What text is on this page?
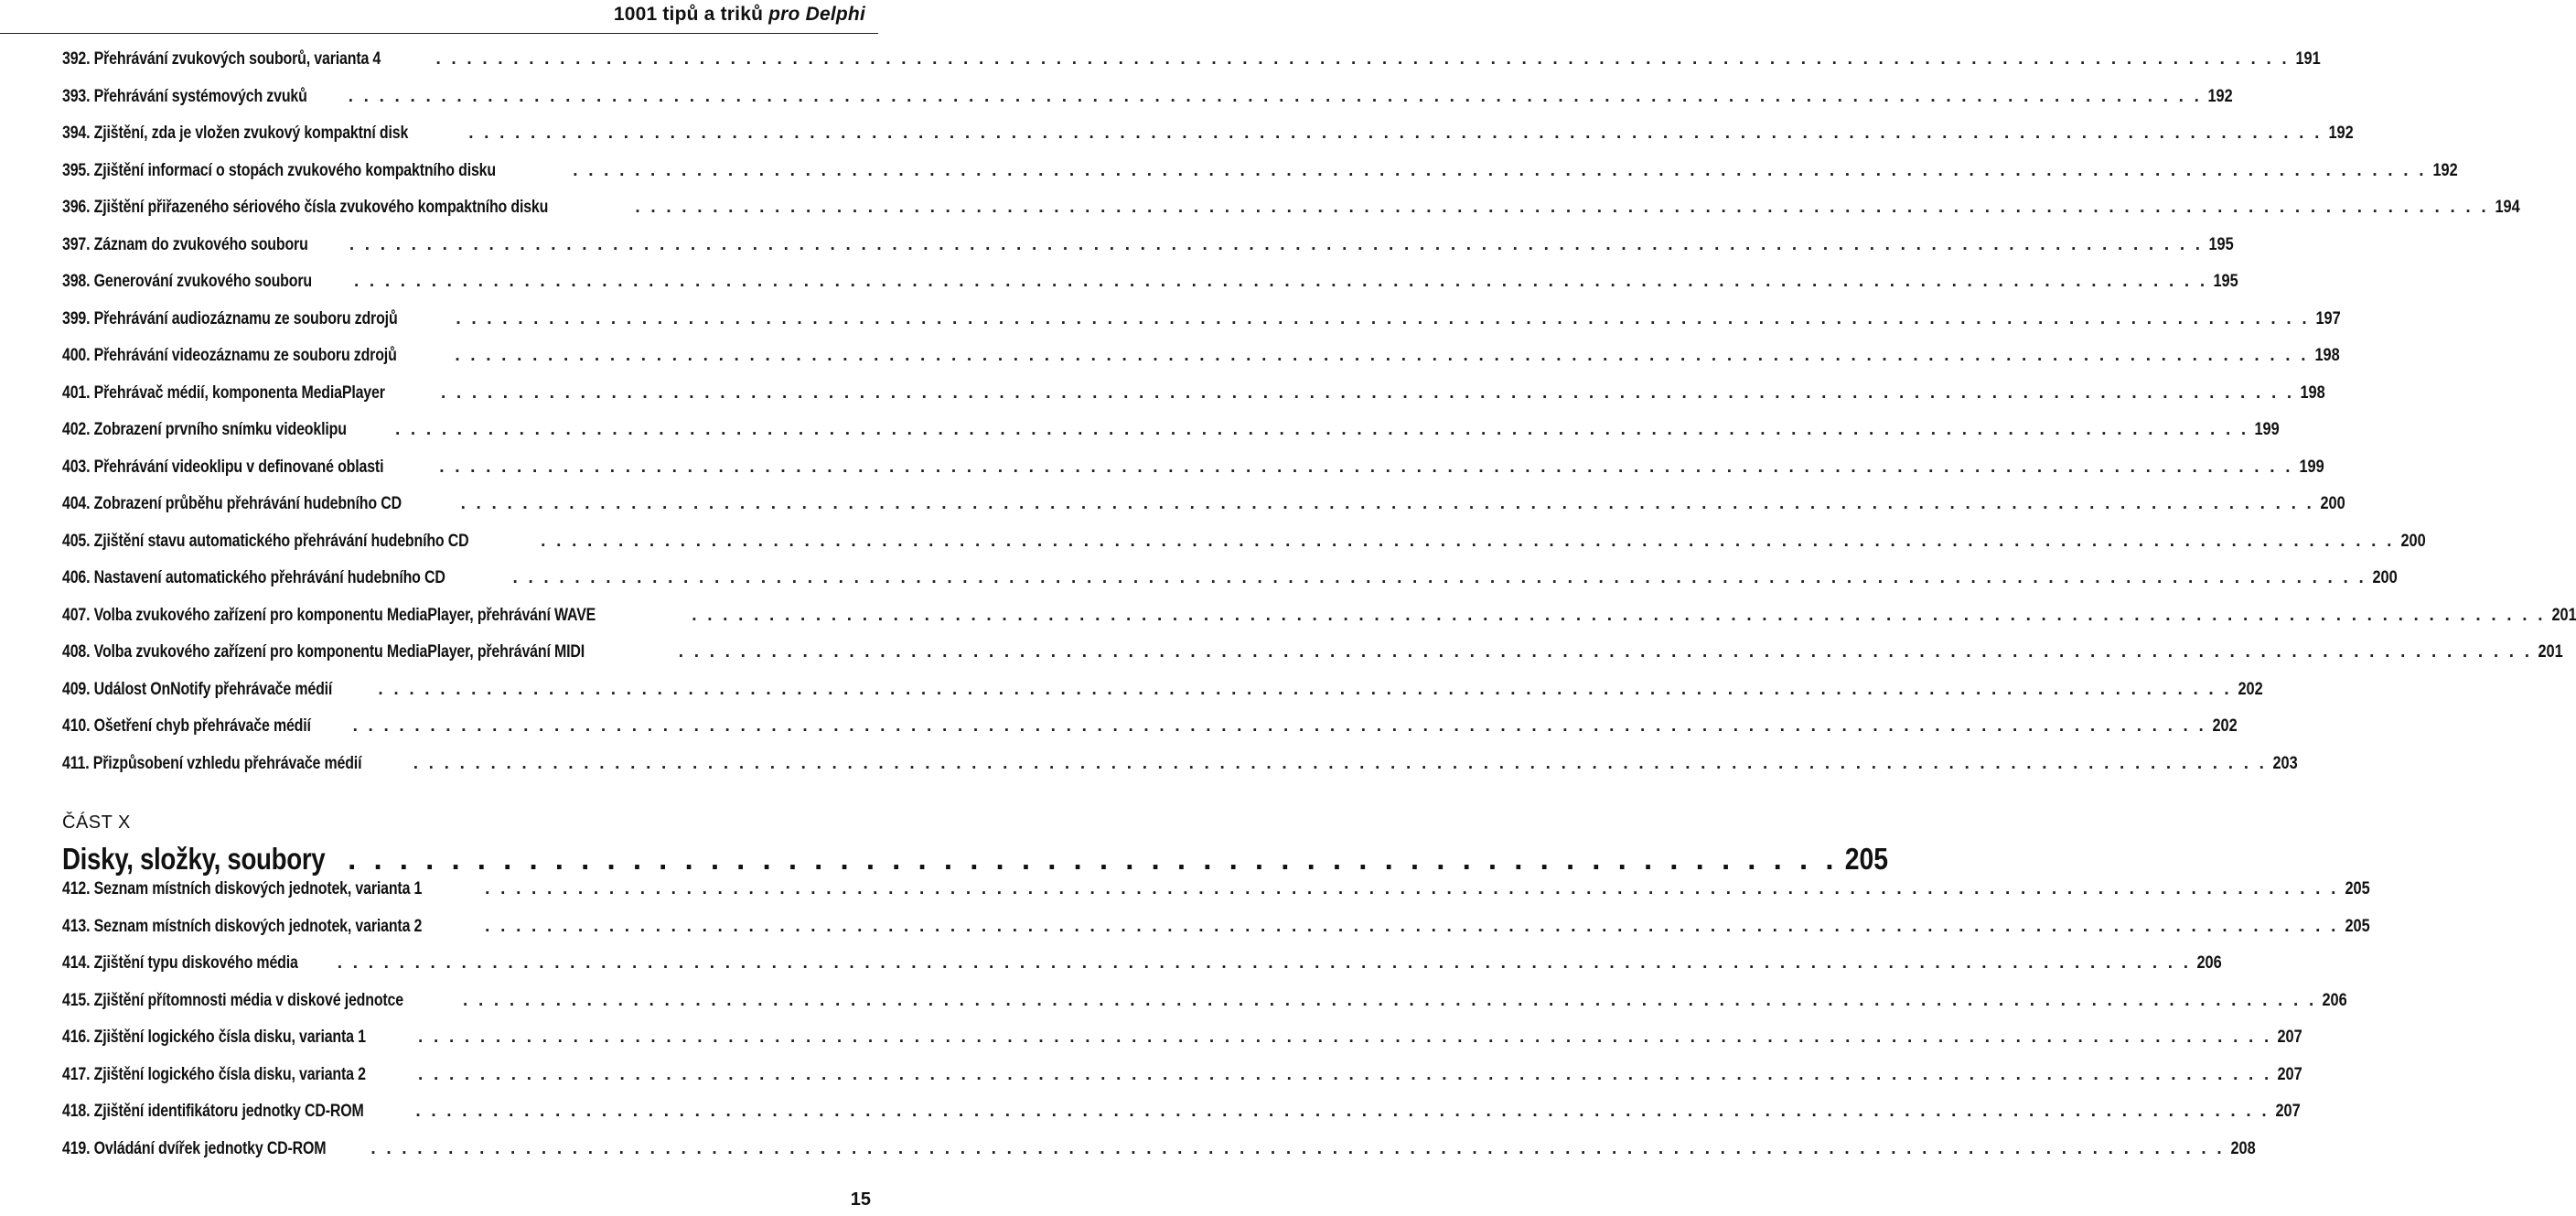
1001 tipů a triků pro Delphi
392. Přehrávání zvukových souborů, varianta 4	. . . . . . . . . . . . . . . . . . . . . . . . . . . . . . . . . . . . . . . . . . . . . . . . . . . . . . . . . . . . . . . . . . . . . . . . . . . . . . . . . . . . . . . . . . . . . . . . . . . . . . . . . . . . . . . . . . . . . . . . 191
393. Přehrávání systémových zvuků . . . . . . . . . . . . . . . . . . . . . . . . . . . . . . . . . . . . . . . . . . . . . . . . . . . . . . . . . . . . . . . . . . . . . . . . . . . . . . . . . . . . . . . . . . . . . . . . . . . . . . . . . . . . . . . . . . . . . . . . 192
394. Zjištění, zda je vložen zvukový kompaktní disk	. . . . . . . . . . . . . . . . . . . . . . . . . . . . . . . . . . . . . . . . . . . . . . . . . . . . . . . . . . . . . . . . . . . . . . . . . . . . . . . . . . . . . . . . . . . . . . . . . . . . . . . . . . . . . . . . . . . . . . . . 192
395. Zjištění informací o stopách zvukového kompaktního disku	. . . . . . . . . . . . . . . . . . . . . . . . . . . . . . . . . . . . . . . . . . . . . . . . . . . . . . . . . . . . . . . . . . . . . . . . . . . . . . . . . . . . . . . . . . . . . . . . . . . . . . . . . . . . . . . . . . . . . . . . 192
396. Zjištění přiřazeného sériového čísla zvukového kompaktního disku	. . . . . . . . . . . . . . . . . . . . . . . . . . . . . . . . . . . . . . . . . . . . . . . . . . . . . . . . . . . . . . . . . . . . . . . . . . . . . . . . . . . . . . . . . . . . . . . . . . . . . . . . . . . . . . . . . . . . . . . . 194
397. Záznam do zvukového souboru . . . . . . . . . . . . . . . . . . . . . . . . . . . . . . . . . . . . . . . . . . . . . . . . . . . . . . . . . . . . . . . . . . . . . . . . . . . . . . . . . . . . . . . . . . . . . . . . . . . . . . . . . . . . . . . . . . . . . . . . 195
398. Generování zvukového souboru . . . . . . . . . . . . . . . . . . . . . . . . . . . . . . . . . . . . . . . . . . . . . . . . . . . . . . . . . . . . . . . . . . . . . . . . . . . . . . . . . . . . . . . . . . . . . . . . . . . . . . . . . . . . . . . . . . . . . . . . 195
399. Přehrávání audiozáznamu ze souboru zdrojů	. . . . . . . . . . . . . . . . . . . . . . . . . . . . . . . . . . . . . . . . . . . . . . . . . . . . . . . . . . . . . . . . . . . . . . . . . . . . . . . . . . . . . . . . . . . . . . . . . . . . . . . . . . . . . . . . . . . . . . . . 197
400. Přehrávání videozáznamu ze souboru zdrojů	. . . . . . . . . . . . . . . . . . . . . . . . . . . . . . . . . . . . . . . . . . . . . . . . . . . . . . . . . . . . . . . . . . . . . . . . . . . . . . . . . . . . . . . . . . . . . . . . . . . . . . . . . . . . . . . . . . . . . . . . 198
401. Přehrávač médií, komponenta MediaPlayer	. . . . . . . . . . . . . . . . . . . . . . . . . . . . . . . . . . . . . . . . . . . . . . . . . . . . . . . . . . . . . . . . . . . . . . . . . . . . . . . . . . . . . . . . . . . . . . . . . . . . . . . . . . . . . . . . . . . . . . . . 198
402. Zobrazení prvního snímku videoklipu	. . . . . . . . . . . . . . . . . . . . . . . . . . . . . . . . . . . . . . . . . . . . . . . . . . . . . . . . . . . . . . . . . . . . . . . . . . . . . . . . . . . . . . . . . . . . . . . . . . . . . . . . . . . . . . . . . . . . . . . . 199
403. Přehrávání videoklipu v definované oblasti	. . . . . . . . . . . . . . . . . . . . . . . . . . . . . . . . . . . . . . . . . . . . . . . . . . . . . . . . . . . . . . . . . . . . . . . . . . . . . . . . . . . . . . . . . . . . . . . . . . . . . . . . . . . . . . . . . . . . . . . . 199
404. Zobrazení průběhu přehrávání hudebního CD	. . . . . . . . . . . . . . . . . . . . . . . . . . . . . . . . . . . . . . . . . . . . . . . . . . . . . . . . . . . . . . . . . . . . . . . . . . . . . . . . . . . . . . . . . . . . . . . . . . . . . . . . . . . . . . . . . . . . . . . . 200
405. Zjištění stavu automatického přehrávání hudebního CD	. . . . . . . . . . . . . . . . . . . . . . . . . . . . . . . . . . . . . . . . . . . . . . . . . . . . . . . . . . . . . . . . . . . . . . . . . . . . . . . . . . . . . . . . . . . . . . . . . . . . . . . . . . . . . . . . . . . . . . . . 200
406. Nastavení automatického přehrávání hudebního CD	. . . . . . . . . . . . . . . . . . . . . . . . . . . . . . . . . . . . . . . . . . . . . . . . . . . . . . . . . . . . . . . . . . . . . . . . . . . . . . . . . . . . . . . . . . . . . . . . . . . . . . . . . . . . . . . . . . . . . . . . 200
407. Volba zvukového zařízení pro komponentu MediaPlayer, přehrávání WAVE	. . . . . . . . . . . . . . . . . . . . . . . . . . . . . . . . . . . . . . . . . . . . . . . . . . . . . . . . . . . . . . . . . . . . . . . . . . . . . . . . . . . . . . . . . . . . . . . . . . . . . . . . . . . . . . . . . . . . . . . . 201
408. Volba zvukového zařízení pro komponentu MediaPlayer, přehrávání MIDI	. . . . . . . . . . . . . . . . . . . . . . . . . . . . . . . . . . . . . . . . . . . . . . . . . . . . . . . . . . . . . . . . . . . . . . . . . . . . . . . . . . . . . . . . . . . . . . . . . . . . . . . . . . . . . . . . . . . . . . . . 201
409. Událost OnNotify přehrávače médií	. . . . . . . . . . . . . . . . . . . . . . . . . . . . . . . . . . . . . . . . . . . . . . . . . . . . . . . . . . . . . . . . . . . . . . . . . . . . . . . . . . . . . . . . . . . . . . . . . . . . . . . . . . . . . . . . . . . . . . . . 202
410. Ošetření chyb přehrávače médií . . . . . . . . . . . . . . . . . . . . . . . . . . . . . . . . . . . . . . . . . . . . . . . . . . . . . . . . . . . . . . . . . . . . . . . . . . . . . . . . . . . . . . . . . . . . . . . . . . . . . . . . . . . . . . . . . . . . . . . . 202
411. Přizpůsobení vzhledu přehrávače médií	. . . . . . . . . . . . . . . . . . . . . . . . . . . . . . . . . . . . . . . . . . . . . . . . . . . . . . . . . . . . . . . . . . . . . . . . . . . . . . . . . . . . . . . . . . . . . . . . . . . . . . . . . . . . . . . . . . . . . . . . 203
ČÁST X
Disky, složky, soubory . . . . . . . . . . . . . . . . . . . . . . . . . . . . . . . . . . . . . . . . . . . . . . . . . . . . . . . . . . 205
412. Seznam místních diskových jednotek, varianta 1	. . . . . . . . . . . . . . . . . . . . . . . . . . . . . . . . . . . . . . . . . . . . . . . . . . . . . . . . . . . . . . . . . . . . . . . . . . . . . . . . . . . . . . . . . . . . . . . . . . . . . . . . . . . . . . . . . . . . . . . . 205
413. Seznam místních diskových jednotek, varianta 2	. . . . . . . . . . . . . . . . . . . . . . . . . . . . . . . . . . . . . . . . . . . . . . . . . . . . . . . . . . . . . . . . . . . . . . . . . . . . . . . . . . . . . . . . . . . . . . . . . . . . . . . . . . . . . . . . . . . . . . . . 205
414. Zjištění typu diskového média . . . . . . . . . . . . . . . . . . . . . . . . . . . . . . . . . . . . . . . . . . . . . . . . . . . . . . . . . . . . . . . . . . . . . . . . . . . . . . . . . . . . . . . . . . . . . . . . . . . . . . . . . . . . . . . . . . . . . . . . 206
415. Zjištění přítomnosti média v diskové jednotce	. . . . . . . . . . . . . . . . . . . . . . . . . . . . . . . . . . . . . . . . . . . . . . . . . . . . . . . . . . . . . . . . . . . . . . . . . . . . . . . . . . . . . . . . . . . . . . . . . . . . . . . . . . . . . . . . . . . . . . . . 206
416. Zjištění logického čísla disku, varianta 1	. . . . . . . . . . . . . . . . . . . . . . . . . . . . . . . . . . . . . . . . . . . . . . . . . . . . . . . . . . . . . . . . . . . . . . . . . . . . . . . . . . . . . . . . . . . . . . . . . . . . . . . . . . . . . . . . . . . . . . . . 207
417. Zjištění logického čísla disku, varianta 2	. . . . . . . . . . . . . . . . . . . . . . . . . . . . . . . . . . . . . . . . . . . . . . . . . . . . . . . . . . . . . . . . . . . . . . . . . . . . . . . . . . . . . . . . . . . . . . . . . . . . . . . . . . . . . . . . . . . . . . . . 207
418. Zjištění identifikátoru jednotky CD-ROM	. . . . . . . . . . . . . . . . . . . . . . . . . . . . . . . . . . . . . . . . . . . . . . . . . . . . . . . . . . . . . . . . . . . . . . . . . . . . . . . . . . . . . . . . . . . . . . . . . . . . . . . . . . . . . . . . . . . . . . . . 207
419. Ovládání dvířek jednotky CD-ROM	. . . . . . . . . . . . . . . . . . . . . . . . . . . . . . . . . . . . . . . . . . . . . . . . . . . . . . . . . . . . . . . . . . . . . . . . . . . . . . . . . . . . . . . . . . . . . . . . . . . . . . . . . . . . . . . . . . . . . . . . 208
15
